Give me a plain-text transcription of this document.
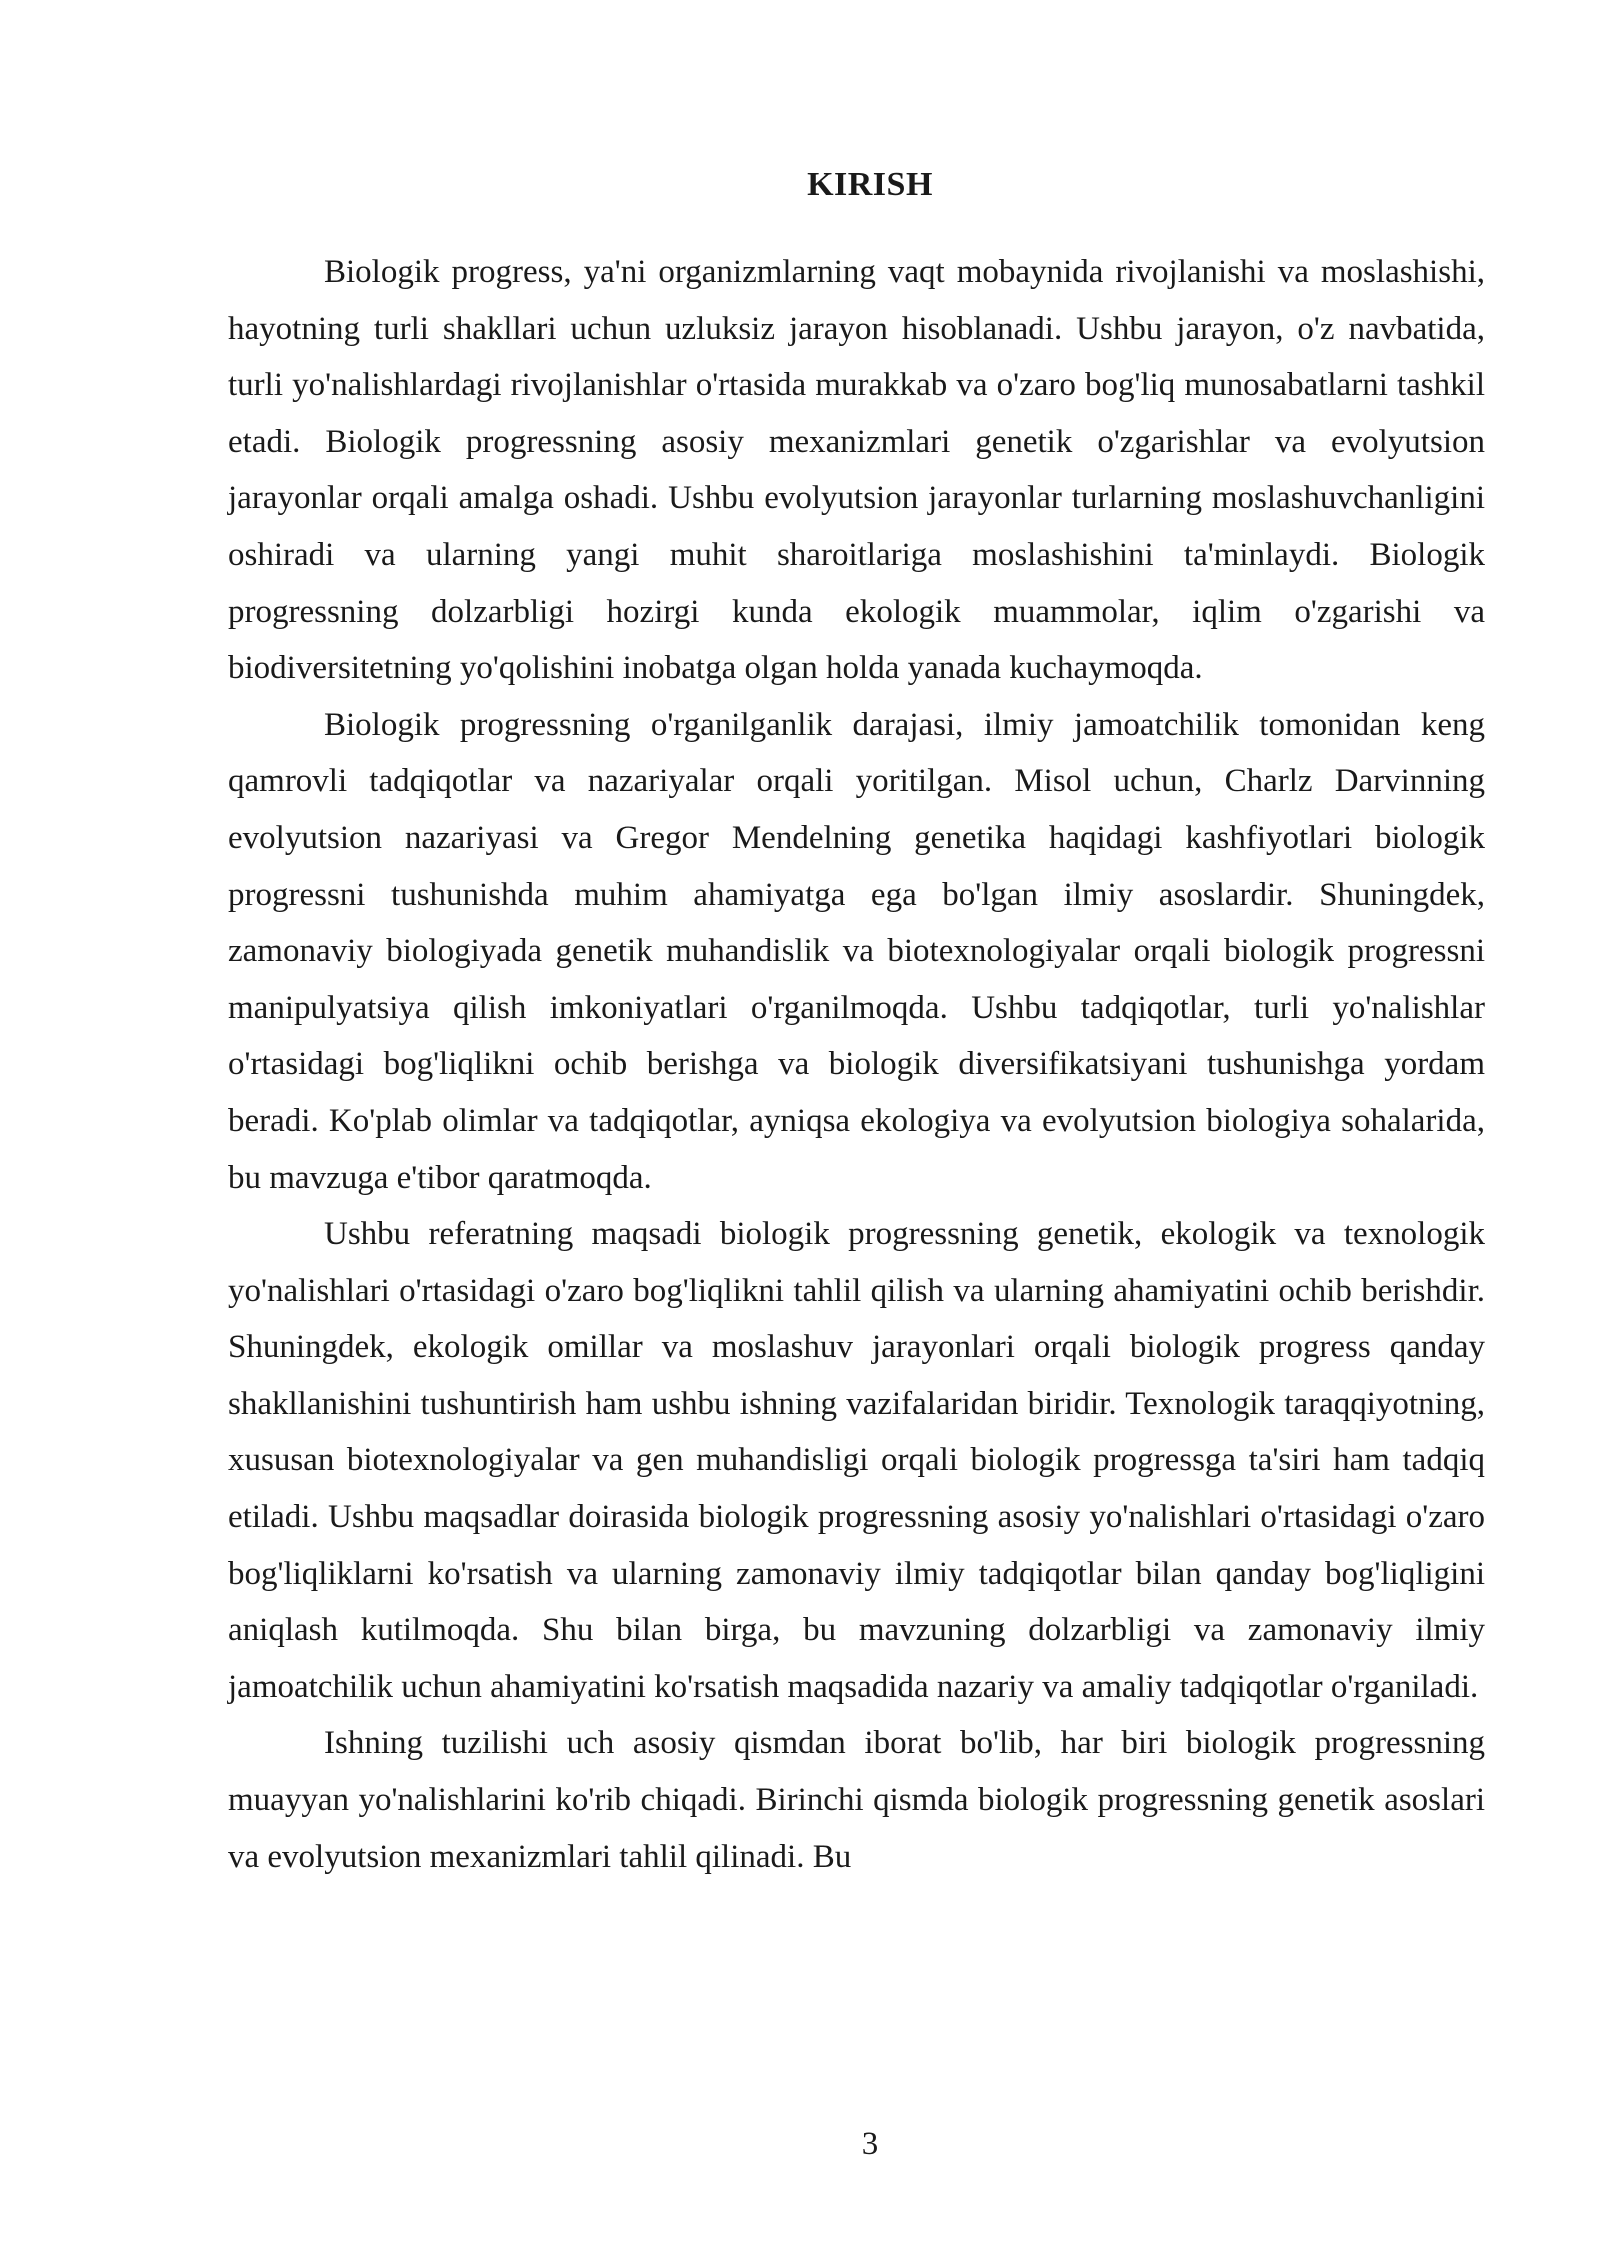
KIRISH

Biologik progress, ya'ni organizmlarning vaqt mobaynida rivojlanishi va moslashishi, hayotning turli shakllari uchun uzluksiz jarayon hisoblanadi. Ushbu jarayon, o'z navbatida, turli yo'nalishlardagi rivojlanishlar o'rtasida murakkab va o'zaro bog'liq munosabatlarni tashkil etadi. Biologik progressning asosiy mexanizmlari genetik o'zgarishlar va evolyutsion jarayonlar orqali amalga oshadi. Ushbu evolyutsion jarayonlar turlarning moslashuvchanligini oshiradi va ularning yangi muhit sharoitlariga moslashishini ta'minlaydi. Biologik progressning dolzarbligi hozirgi kunda ekologik muammolar, iqlim o'zgarishi va biodiversitetning yo'qolishini inobatga olgan holda yanada kuchaymoqda.

Biologik progressning o'rganilganlik darajasi, ilmiy jamoatchilik tomonidan keng qamrovli tadqiqotlar va nazariyalar orqali yoritilgan. Misol uchun, Charlz Darvinning evolyutsion nazariyasi va Gregor Mendelning genetika haqidagi kashfiyotlari biologik progressni tushunishda muhim ahamiyatga ega bo'lgan ilmiy asoslardir. Shuningdek, zamonaviy biologiyada genetik muhandislik va biotexnologiyalar orqali biologik progressni manipulyatsiya qilish imkoniyatlari o'rganilmoqda. Ushbu tadqiqotlar, turli yo'nalishlar o'rtasidagi bog'liqlikni ochib berishga va biologik diversifikatsiyani tushunishga yordam beradi. Ko'plab olimlar va tadqiqotlar, ayniqsa ekologiya va evolyutsion biologiya sohalarida, bu mavzuga e'tibor qaratmoqda.

Ushbu referatning maqsadi biologik progressning genetik, ekologik va texnologik yo'nalishlari o'rtasidagi o'zaro bog'liqlikni tahlil qilish va ularning ahamiyatini ochib berishdir. Shuningdek, ekologik omillar va moslashuv jarayonlari orqali biologik progress qanday shakllanishini tushuntirish ham ushbu ishning vazifalaridan biridir. Texnologik taraqqiyotning, xususan biotexnologiyalar va gen muhandisligi orqali biologik progressga ta'siri ham tadqiq etiladi. Ushbu maqsadlar doirasida biologik progressning asosiy yo'nalishlari o'rtasidagi o'zaro bog'liqliklarni ko'rsatish va ularning zamonaviy ilmiy tadqiqotlar bilan qanday bog'liqligini aniqlash kutilmoqda. Shu bilan birga, bu mavzuning dolzarbligi va zamonaviy ilmiy jamoatchilik uchun ahamiyatini ko'rsatish maqsadida nazariy va amaliy tadqiqotlar o'rganiladi.

Ishning tuzilishi uch asosiy qismdan iborat bo'lib, har biri biologik progressning muayyan yo'nalishlarini ko'rib chiqadi. Birinchi qismda biologik progressning genetik asoslari va evolyutsion mexanizmlari tahlil qilinadi. Bu

3
